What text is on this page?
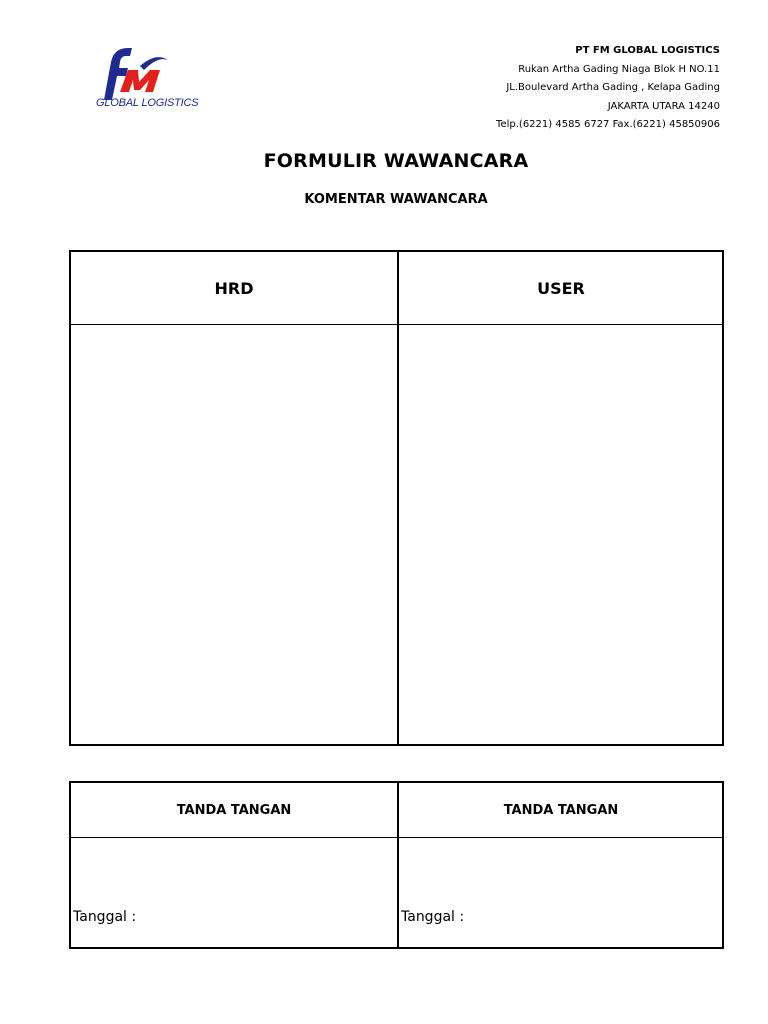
GLOBAL LOGISTICS
PT FM GLOBAL LOGISTICS
Rukan Artha Gading Niaga Blok H NO.11
JL.Boulevard Artha Gading , Kelapa Gading
JAKARTA UTARA 14240
Telp.(6221) 4585 6727 Fax.(6221) 45850906
FORMULIR WAWANCARA
KOMENTAR WAWANCARA
HRD	USER
TANDA TANGAN	TANDA TANGAN
Tanggal :	Tanggal :
